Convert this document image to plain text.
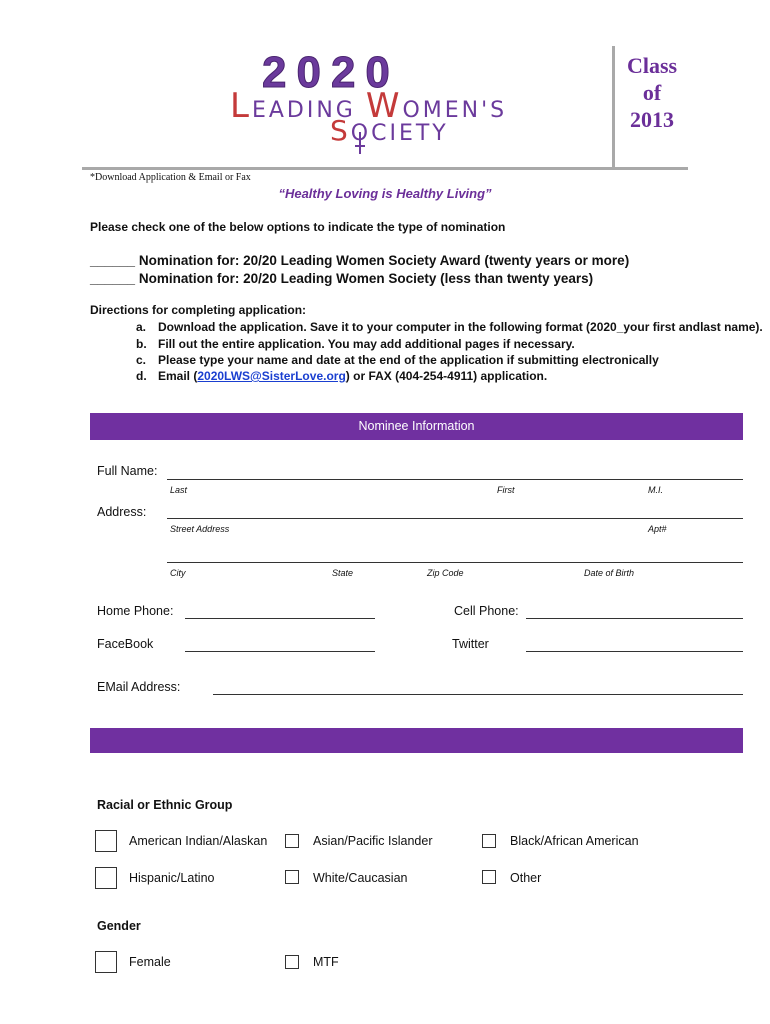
2020
LEADING WOMEN'S
SOCIETY
Class
of
2013
*Download Application & Email or Fax
“Healthy Loving is Healthy Living”
Please check one of the below options to indicate the type of nomination
______ Nomination for: 20/20 Leading Women Society Award (twenty years or more)
______ Nomination for: 20/20 Leading Women Society (less than twenty years)
Directions for completing application:
a. Download the application. Save it to your computer in the following format (2020_your first andlast name).
b. Fill out the entire application. You may add additional pages if necessary.
c. Please type your name and date at the end of the application if submitting electronically
d. Email (2020LWS@SisterLove.org) or FAX (404-254-4911) application.
Nominee Information
Full Name:
Last	First	M.I.
Address:
Street Address	Apt#
City	State	Zip Code	Date of Birth
Home Phone:	Cell Phone:
FaceBook	Twitter
EMail Address:
Racial or Ethnic Group
American Indian/Alaskan	Asian/Pacific Islander	Black/African American
Hispanic/Latino	White/Caucasian	Other
Gender
Female	MTF
